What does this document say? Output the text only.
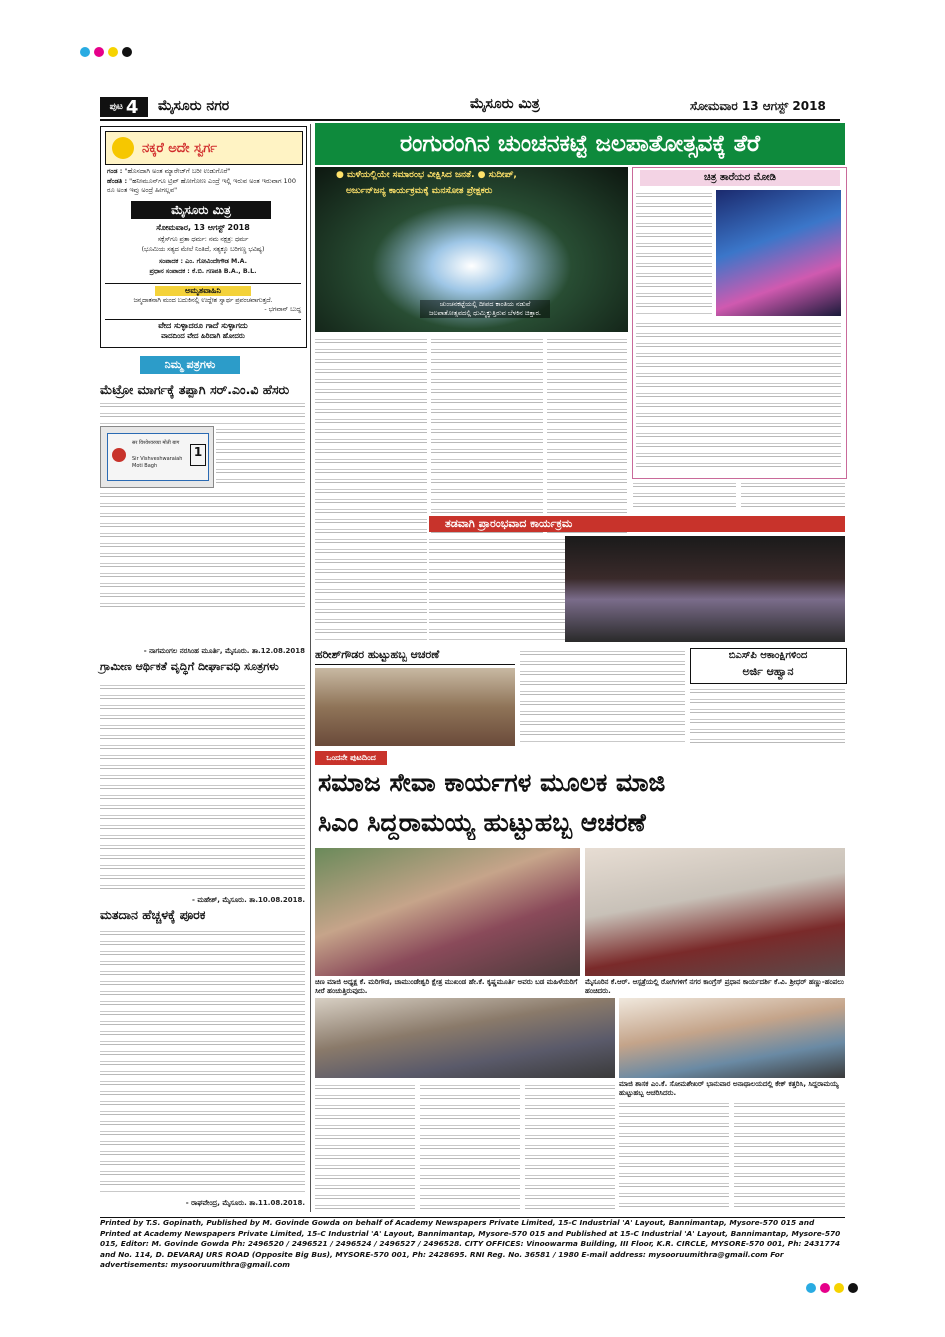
ಪುಟ 4 ಮೈಸೂರು ನಗರ	ಮೈಸೂರು ಮಿತ್ರ	ಸೋಮವಾರ 13 ಆಗಸ್ಟ್ 2018
ನಕ್ಕರೆ ಅದೇ ಸ್ವರ್ಗ
ಗಂಡ : "ಹೊಸದಾಗಿ ಅಂತ ಮ್ಯಾರೇಜ್‌ಗೆ ಬರೀ ಉಡುಗೊರೆ"
ಹೆಂಡತಿ : "ಹನೀಮೂನ್‌ಗೂ ಟ್ರಿಪ್ ಹೋಗೋಣ ಎಂದ್ರೆ ಇಲ್ಲಿ ಇರುವ ಅಂತ ಇರುವಾಗ 100 ರೂ ಅಂತ ಇವ್ರು ಅಂದ್ರೆ ಹೀಗಲ್ಲವ"
ಮೈಸೂರು ಮಿತ್ರ
ಸೋಮವಾರ, 13 ಆಗಸ್ಟ್ 2018
ಸಕ್ಸೆಸ್‌ಗೂ ಪ್ರತಾ ಧರ್ಮ: ನಮ ನಕ್ಷತ್ರ: ಧರ್ಮ
(ಭೂಮಿಯ ಸತ್ಯದ ಮೇಲೆ ನಿಂತಿದೆ, ಸತ್ಯಕ್ಕೂ ಬರಿಗಣ್ಣ ಭವಿಷ್ಯ)
ಸಂಪಾದಕ : ಎಂ. ಗೋವಿಂದೇಗೌಡ M.A.
ಪ್ರಧಾನ ಸಂಪಾದಕ : ಕೆ.ಬಿ. ಗಣಪತಿ B.A., B.L.
ಅಮೃತವಾಹಿನಿ
ಜನ್ಮದಾತನಾಗಿ ಮಂದ ಬದುಕಿನಲ್ಲಿ ಉದ್ದೇಶ ಸ್ವಾರ್ಥ ಪ್ರಪಂಚವಾಗುತ್ತದೆ.
- ಭಗವಾನ್ ಬುದ್ಧ
ವೇದ ಸುಳ್ಳಾದರೂ ಗಾದೆ ಸುಳ್ಳಾಗದು
ವಾದದಿಂದ ವೇದ ಹಿರಿದಾಗಿ ಹೋದರು
ನಿಮ್ಮ ಪತ್ರಗಳು
ಮೆಟ್ರೋ ಮಾರ್ಗಕ್ಕೆ ತಪ್ಪಾಗಿ ಸರ್.ಎಂ.ವಿ ಹೆಸರು
सर विश्वेश्वरय्या मोती बाग
Sir Vishveshwaraiah Moti Bagh
1
- ನಾಗಮಂಗಲ ನರಸಿಂಹ ಮೂರ್ತಿ, ಮೈಸೂರು. ತಾ.12.08.2018
ಗ್ರಾಮೀಣ ಆರ್ಥಿಕತೆ ವೃದ್ಧಿಗೆ ದೀರ್ಘಾವಧಿ ಸೂತ್ರಗಳು
- ಮಹೇಶ್, ಮೈಸೂರು. ತಾ.10.08.2018.
ಮತದಾನ ಹೆಚ್ಚಳಕ್ಕೆ ಪೂರಕ
- ರಾಘವೇಂದ್ರ, ಮೈಸೂರು. ತಾ.11.08.2018.
ರಂಗುರಂಗಿನ ಚುಂಚನಕಟ್ಟೆ ಜಲಪಾತೋತ್ಸವಕ್ಕೆ ತೆರೆ
● ಮಳೆಯಲ್ಲಿಯೇ ಸಮಾರಂಭ ವೀಕ್ಷಿಸಿದ ಜನತೆ. ● ಸುದೀಪ್,
ಅರ್ಜುನ್‌ಜನ್ಯ ಕಾರ್ಯಕ್ರಮಕ್ಕೆ ಮನಸೋತ ಪ್ರೇಕ್ಷಕರು
ಚುಂಚನಕಟ್ಟೆಯಲ್ಲಿ ದೀಪದ ಕಾಂತಿಯ ನಡುವೆ ಜಲಪಾತೋತ್ಸವದಲ್ಲಿ ಧುಮ್ಮಿಕ್ಕುತ್ತಿರುವ ಬೆಳಕಿನ ಚಿತ್ತಾರ.
ಚಿತ್ರ ತಾರೆಯರ ಮೋಡಿ
ತಡವಾಗಿ ಪ್ರಾರಂಭವಾದ ಕಾರ್ಯಕ್ರಮ
ಹರೀಶ್‌ಗೌಡರ ಹುಟ್ಟುಹಬ್ಬ ಆಚರಣೆ	ಬಿಎಸ್‌ಪಿ ಆಕಾಂಕ್ಷಿಗಳಿಂದ
ಅರ್ಜಿ ಆಹ್ವಾನ
ಒಂದನೇ ಪುಟದಿಂದ
ಸಮಾಜ ಸೇವಾ ಕಾರ್ಯಗಳ ಮೂಲಕ ಮಾಜಿ
ಸಿಎಂ ಸಿದ್ದರಾಮಯ್ಯ ಹುಟ್ಟುಹಬ್ಬ ಆಚರಣೆ
ಚಿಣ ಮಾಜಿ ಅಧ್ಯಕ್ಷ ಕೆ. ಮರಿಗೌಡ, ಚಾಮುಂಡೇಶ್ವರಿ ಕ್ಷೇತ್ರ ಮುಖಂಡ ಹೇ.ಕೆ. ಕೃಷ್ಣಮೂರ್ತಿ ಅವರು ಬಡ ಮಹಿಳೆಯರಿಗೆ ಸೀರೆ ಹಂಚುತ್ತಿರುವುದು.
ಮೈಸೂರಿನ ಕೆ.ಆರ್. ಆಸ್ಪತ್ರೆಯಲ್ಲಿ ರೋಗಿಗಳಿಗೆ ನಗರ ಕಾಂಗ್ರೆಸ್ ಪ್ರಧಾನ ಕಾರ್ಯದರ್ಶಿ ಕೆ.ವಿ. ಶ್ರೀಧರ್ ಹಣ್ಣು-ಹಂಪಲು ಹಂಚಿದರು.
ಮಾಜಿ ಶಾಸಕ ಎಂ.ಕೆ. ಸೋಮಶೇಖರ್ ಭಾನುವಾರ ಅನಾಥಾಲಯದಲ್ಲಿ ಕೇಕ್ ಕತ್ತರಿಸಿ, ಸಿದ್ದರಾಮಯ್ಯ ಹುಟ್ಟುಹಬ್ಬ ಆಚರಿಸಿದರು.
Printed by T.S. Gopinath, Published by M. Govinde Gowda on behalf of Academy Newspapers Private Limited, 15-C Industrial 'A' Layout, Bannimantap, Mysore-570 015 and Printed at Academy Newspapers Private Limited, 15-C Industrial 'A' Layout, Bannimantap, Mysore-570 015 and Published at 15-C Industrial 'A' Layout, Bannimantap, Mysore-570 015, Editor: M. Govinde Gowda Ph: 2496520 / 2496521 / 2496524 / 2496527 / 2496528. CITY OFFICES: Vinoowarma Building, III Floor, K.R. CIRCLE, MYSORE-570 001, Ph: 2431774 and No. 114, D. DEVARAJ URS ROAD (Opposite Big Bus), MYSORE-570 001, Ph: 2428695. RNI Reg. No. 36581 / 1980 E-mail address: mysooruumithra@gmail.com For advertisements: mysooruumithra@gmail.com
